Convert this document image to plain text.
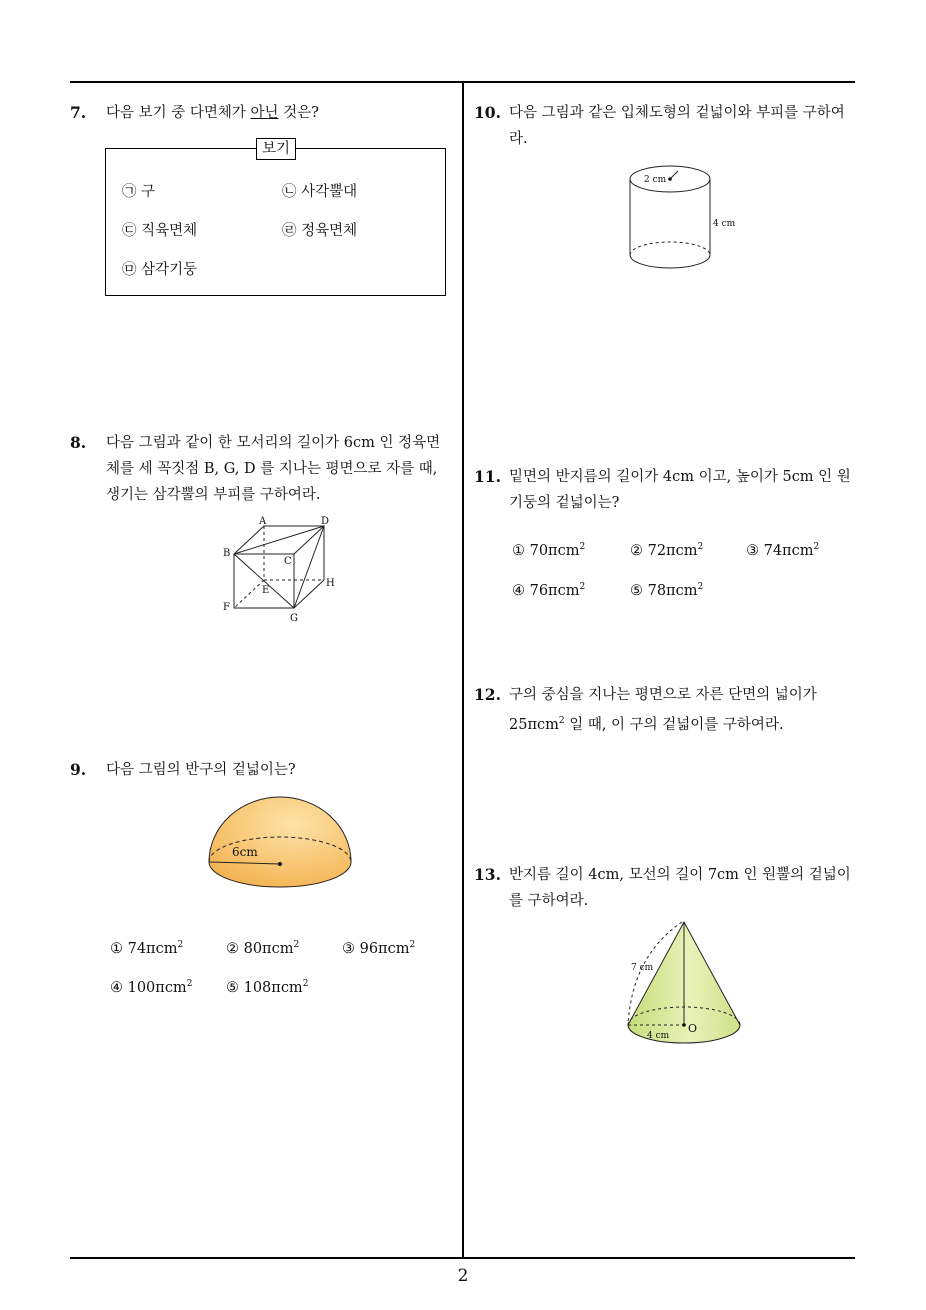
7. 다음 보기 중 다면체가 아닌 것은?
보기
㉠ 구	㉡ 사각뿔대
㉢ 직육면체	㉣ 정육면체
㉤ 삼각기둥
8. 다음 그림과 같이 한 모서리의 길이가 6cm 인 정육면
체를 세 꼭짓점 B, G, D 를 지나는 평면으로 자를 때,
생기는 삼각뿔의 부피를 구하여라.
A	D
B
C
H
E
F
G
9. 다음 그림의 반구의 겉넓이는?
6cm
① 74πcm$^2$	② 80πcm$^2$	③ 96πcm$^2$
④ 100πcm$^2$ ⑤ 108πcm$^2$
10. 다음 그림과 같은 입체도형의 겉넓이와 부피를 구하여
라.
2 cm
4 cm
11. 밑면의 반지름의 길이가 4cm 이고, 높이가 5cm 인 원
기둥의 겉넓이는?
① 70πcm$^2$	② 72πcm$^2$	③ 74πcm$^2$
④ 76πcm$^2$	⑤ 78πcm$^2$
12. 구의 중심을 지나는 평면으로 자른 단면의 넓이가
25πcm$^2$ 일 때, 이 구의 겉넓이를 구하여라.
13. 반지름 길이 4cm, 모선의 길이 7cm 인 원뿔의 겉넓이
를 구하여라.
7 cm
4 cm
O
2
